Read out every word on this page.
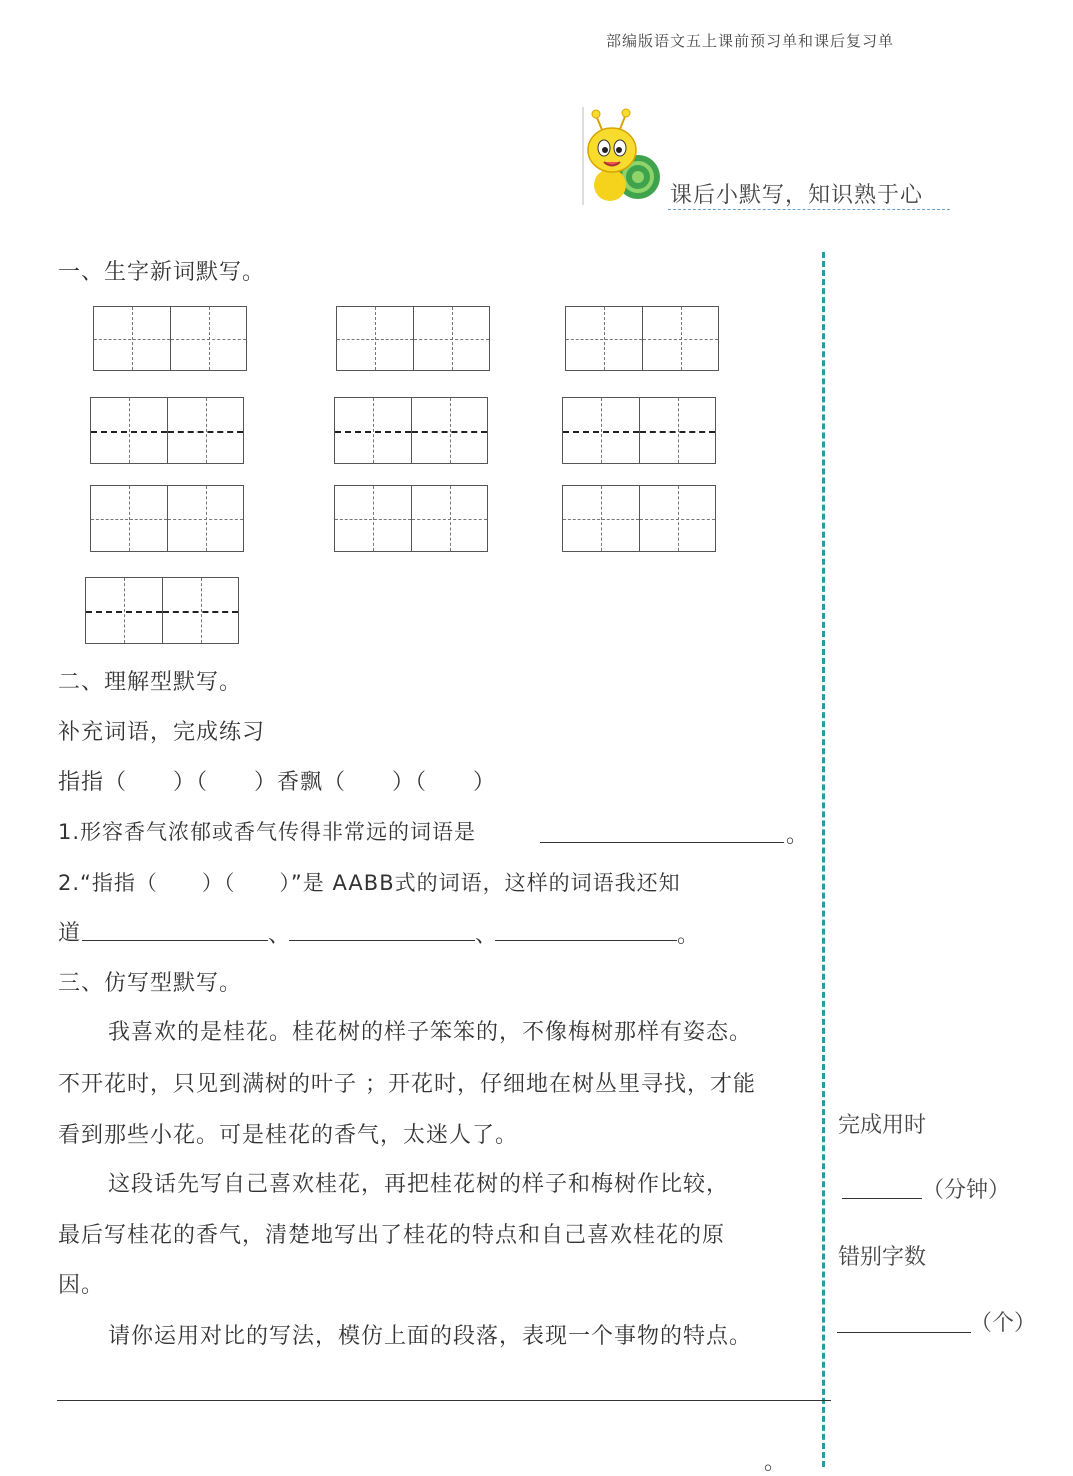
部编版语文五上课前预习单和课后复习单
课后小默写，知识熟于心
一、生字新词默写。
二、理解型默写。
补充词语，完成练习
指指（　　）（　　）香飘（　　）（　　）
1.形容香气浓郁或香气传得非常远的词语是	。
2.“指指（　　）（　　）”是 AABB式的词语，这样的词语我还知
道	、	、	。
三、仿写型默写。
我喜欢的是桂花。桂花树的样子笨笨的，不像梅树那样有姿态。
不开花时，只见到满树的叶子 ；开花时，仔细地在树丛里寻找，才能
看到那些小花。可是桂花的香气，太迷人了。
这段话先写自己喜欢桂花，再把桂花树的样子和梅树作比较，
最后写桂花的香气，清楚地写出了桂花的特点和自己喜欢桂花的原
因。
请你运用对比的写法，模仿上面的段落，表现一个事物的特点。
。
完成用时
（分钟）
错别字数
（个）
